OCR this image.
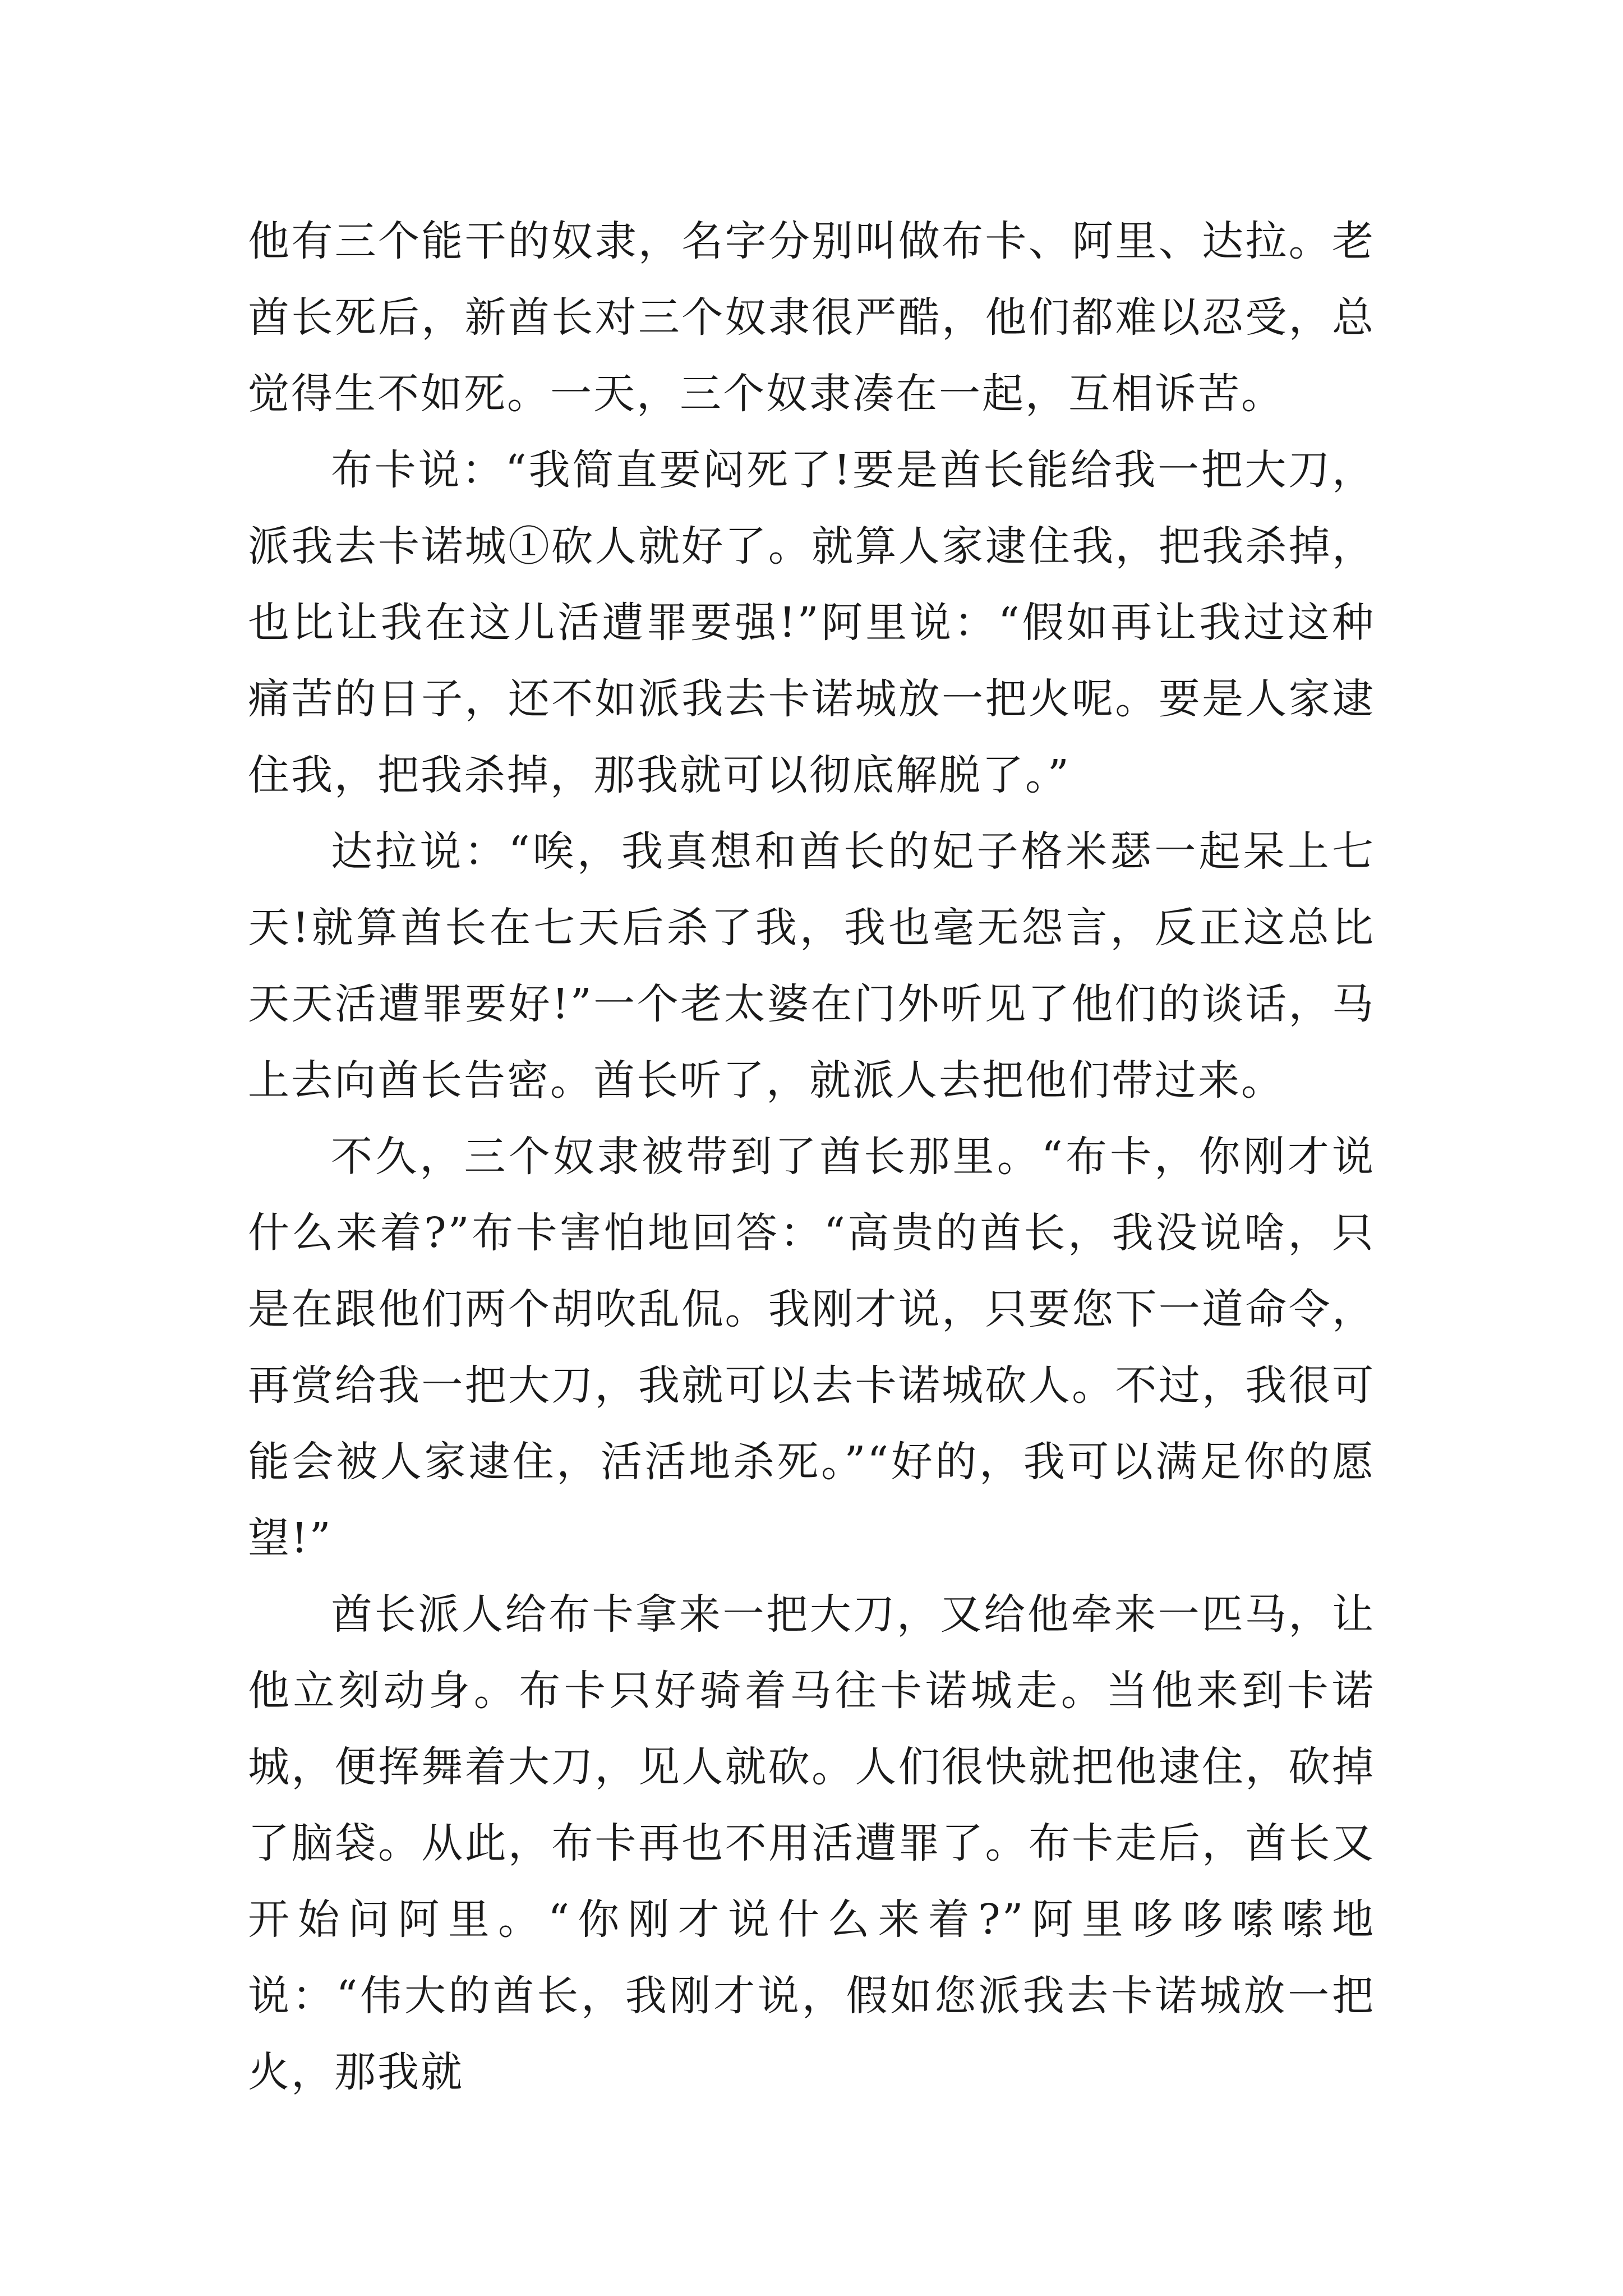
他有三个能干的奴隶，名字分别叫做布卡、阿里、达拉。老酋长死后，新酋长对三个奴隶很严酷，他们都难以忍受，总觉得生不如死。一天，三个奴隶凑在一起，互相诉苦。

布卡说：“我简直要闷死了!要是酋长能给我一把大刀，派我去卡诺城①砍人就好了。就算人家逮住我，把我杀掉，也比让我在这儿活遭罪要强!”阿里说：“假如再让我过这种痛苦的日子，还不如派我去卡诺城放一把火呢。要是人家逮住我，把我杀掉，那我就可以彻底解脱了。”

达拉说：“唉，我真想和酋长的妃子格米瑟一起呆上七天!就算酋长在七天后杀了我，我也毫无怨言，反正这总比天天活遭罪要好!”一个老太婆在门外听见了他们的谈话，马上去向酋长告密。酋长听了，就派人去把他们带过来。

不久，三个奴隶被带到了酋长那里。“布卡，你刚才说什么来着?”布卡害怕地回答：“高贵的酋长，我没说啥，只是在跟他们两个胡吹乱侃。我刚才说，只要您下一道命令，再赏给我一把大刀，我就可以去卡诺城砍人。不过，我很可能会被人家逮住，活活地杀死。”“好的，我可以满足你的愿望!”

酋长派人给布卡拿来一把大刀，又给他牵来一匹马，让他立刻动身。布卡只好骑着马往卡诺城走。当他来到卡诺城，便挥舞着大刀，见人就砍。人们很快就把他逮住，砍掉了脑袋。从此，布卡再也不用活遭罪了。布卡走后，酋长又开始问阿里。“你刚才说什么来着?”阿里哆哆嗦嗦地说：“伟大的酋长，我刚才说，假如您派我去卡诺城放一把火，那我就
